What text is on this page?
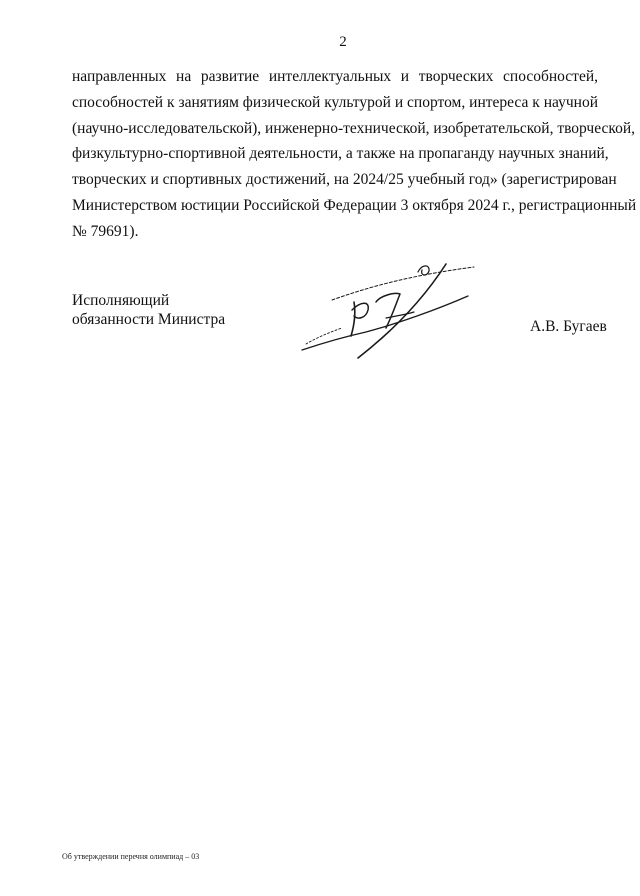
2
направленных на развитие интеллектуальных и творческих способностей,
способностей к занятиям физической культурой и спортом, интереса к научной
(научно-исследовательской), инженерно-технической, изобретательской, творческой,
физкультурно-спортивной деятельности, а также на пропаганду научных знаний,
творческих и спортивных достижений, на 2024/25 учебный год» (зарегистрирован
Министерством юстиции Российской Федерации 3 октября 2024 г., регистрационный
№ 79691).
Исполняющий
обязанности Министра	А.В. Бугаев
Об утверждении перечня олимпиад – 03
